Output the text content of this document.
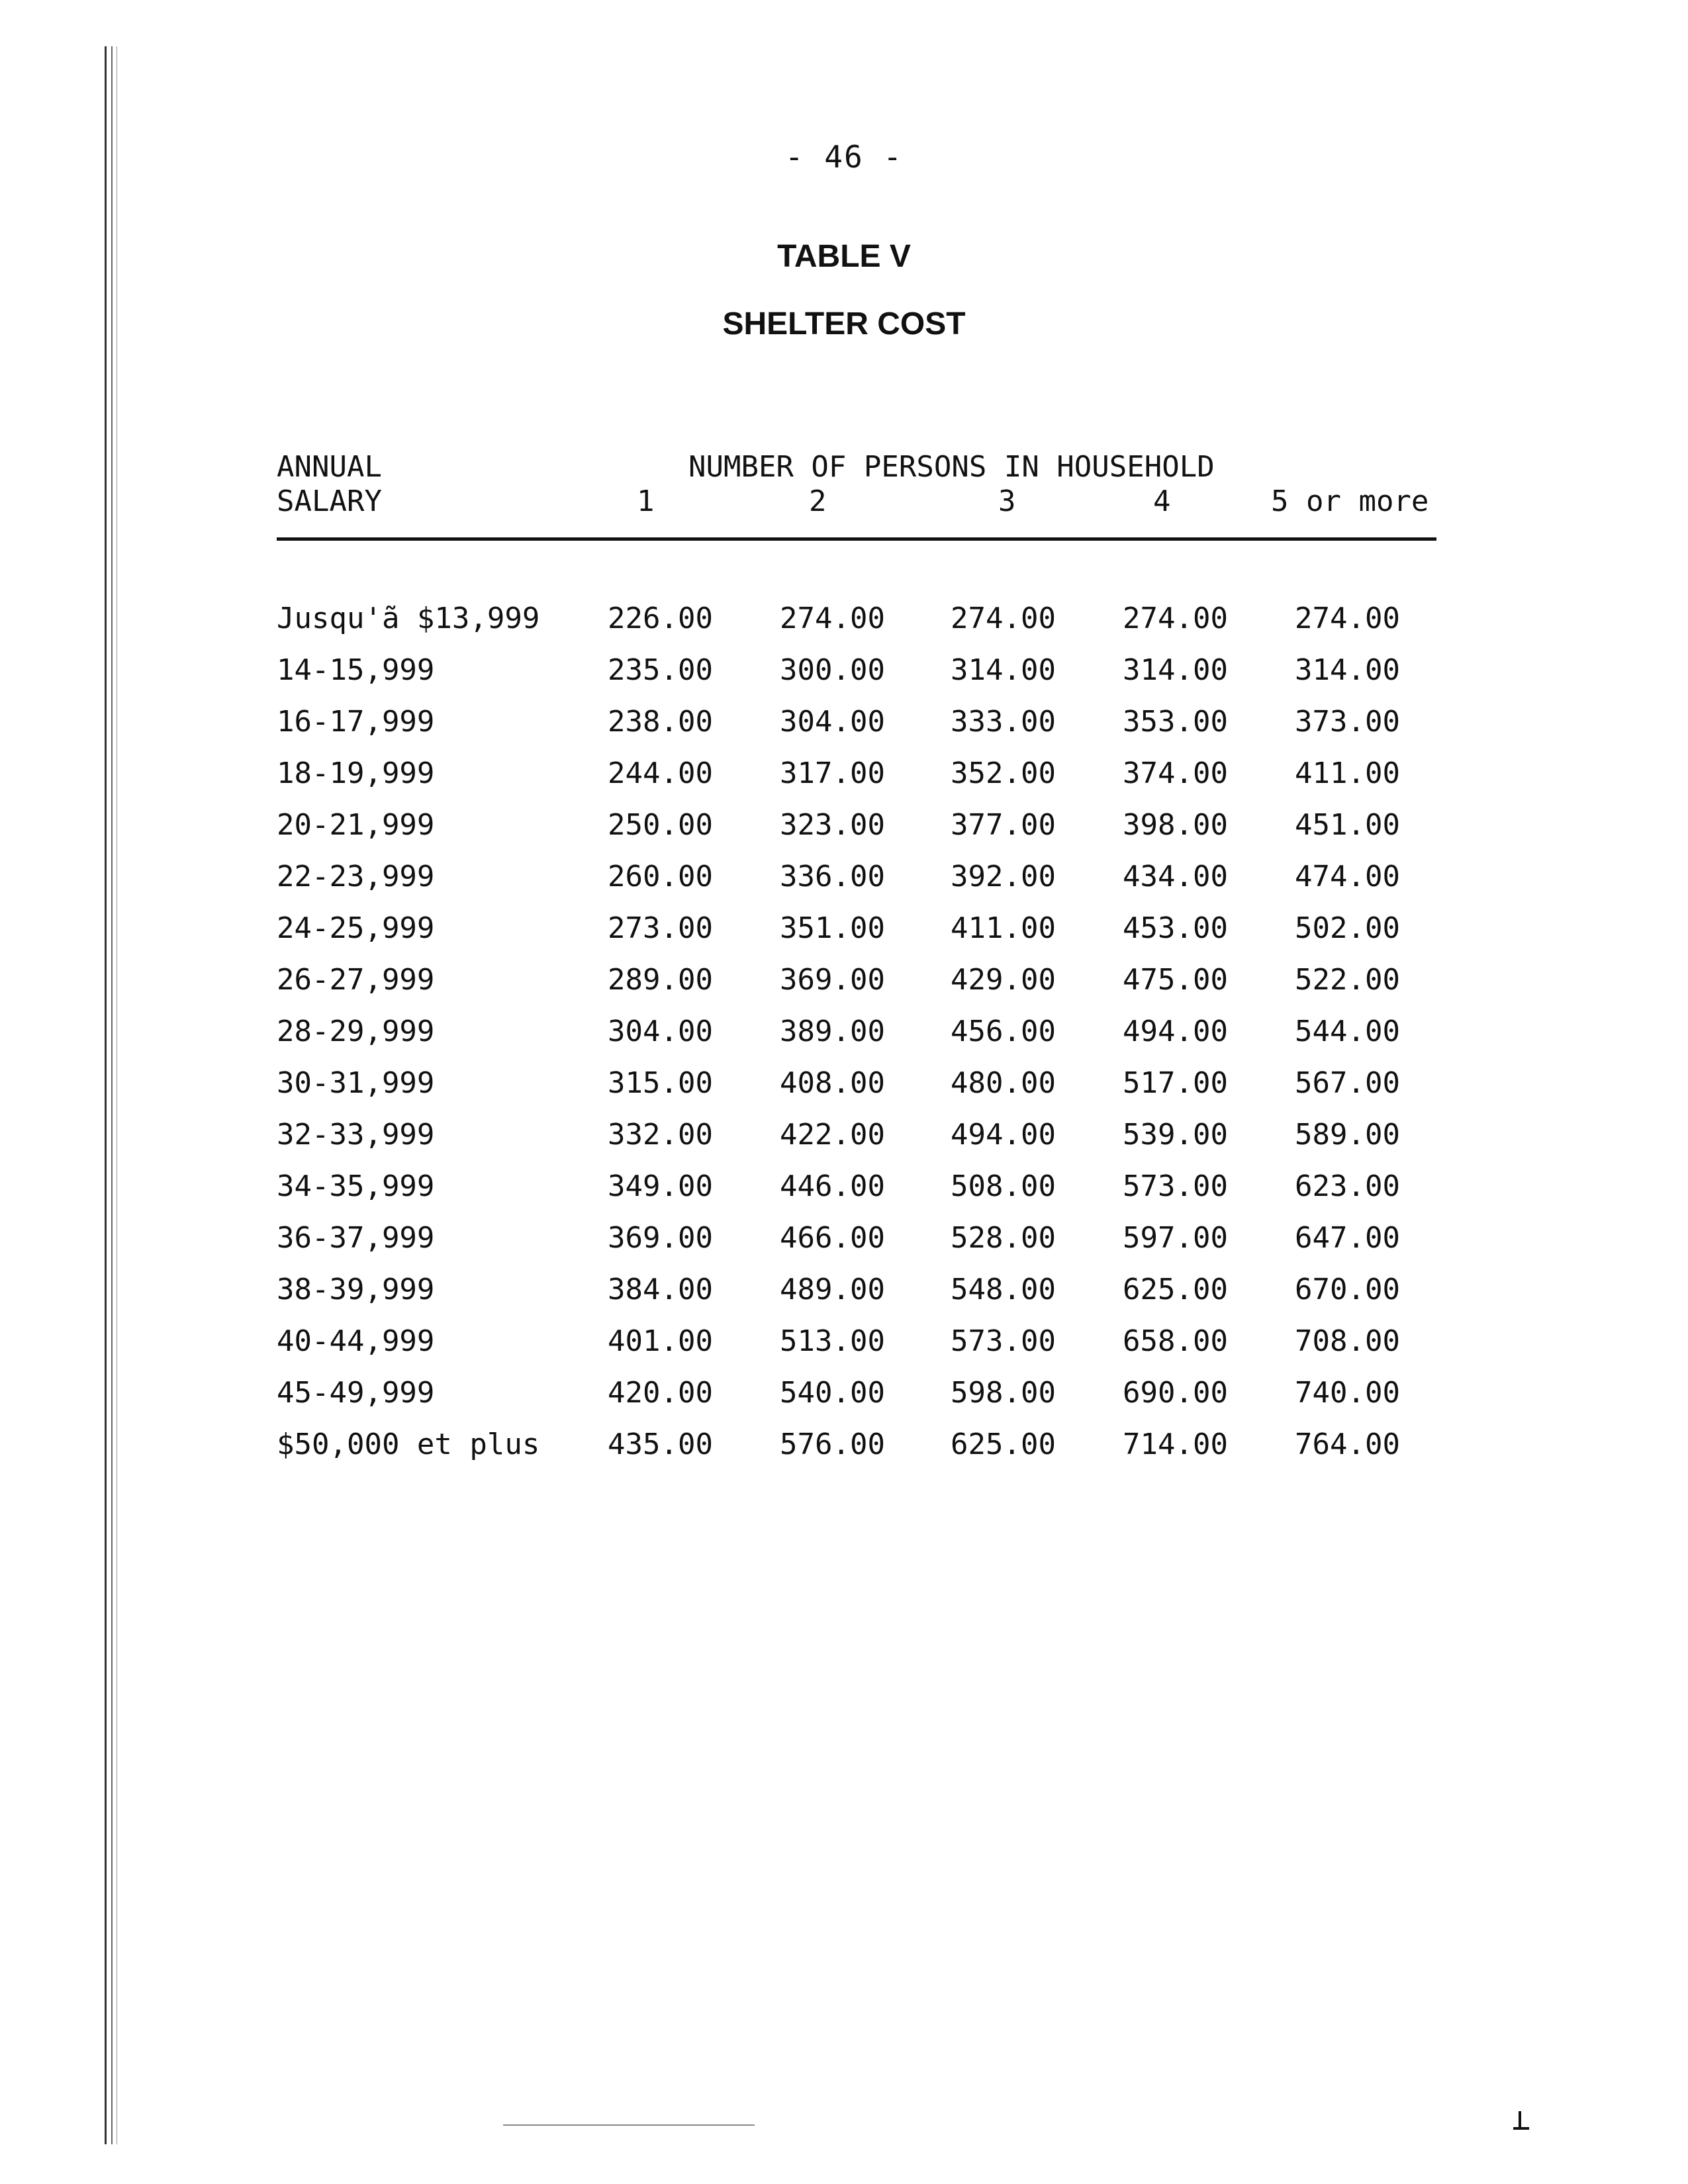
- 46 -
TABLE V
SHELTER COST
ANNUAL
SALARY
NUMBER OF PERSONS IN HOUSEHOLD
1	2	3	4	5 or more
Jusqu'ã $13,999 226.00 274.00 274.00 274.00 274.00
14-15,999	235.00 300.00 314.00 314.00 314.00
16-17,999	238.00 304.00 333.00 353.00 373.00
18-19,999	244.00 317.00 352.00 374.00 411.00
20-21,999	250.00 323.00 377.00 398.00 451.00
22-23,999	260.00 336.00 392.00 434.00 474.00
24-25,999	273.00 351.00 411.00 453.00 502.00
26-27,999	289.00 369.00 429.00 475.00 522.00
28-29,999	304.00 389.00 456.00 494.00 544.00
30-31,999	315.00 408.00 480.00 517.00 567.00
32-33,999	332.00 422.00 494.00 539.00 589.00
34-35,999	349.00 446.00 508.00 573.00 623.00
36-37,999	369.00 466.00 528.00 597.00 647.00
38-39,999	384.00 489.00 548.00 625.00 670.00
40-44,999	401.00 513.00 573.00 658.00 708.00
45-49,999	420.00 540.00 598.00 690.00 740.00
$50,000 et plus 435.00 576.00 625.00 714.00 764.00
